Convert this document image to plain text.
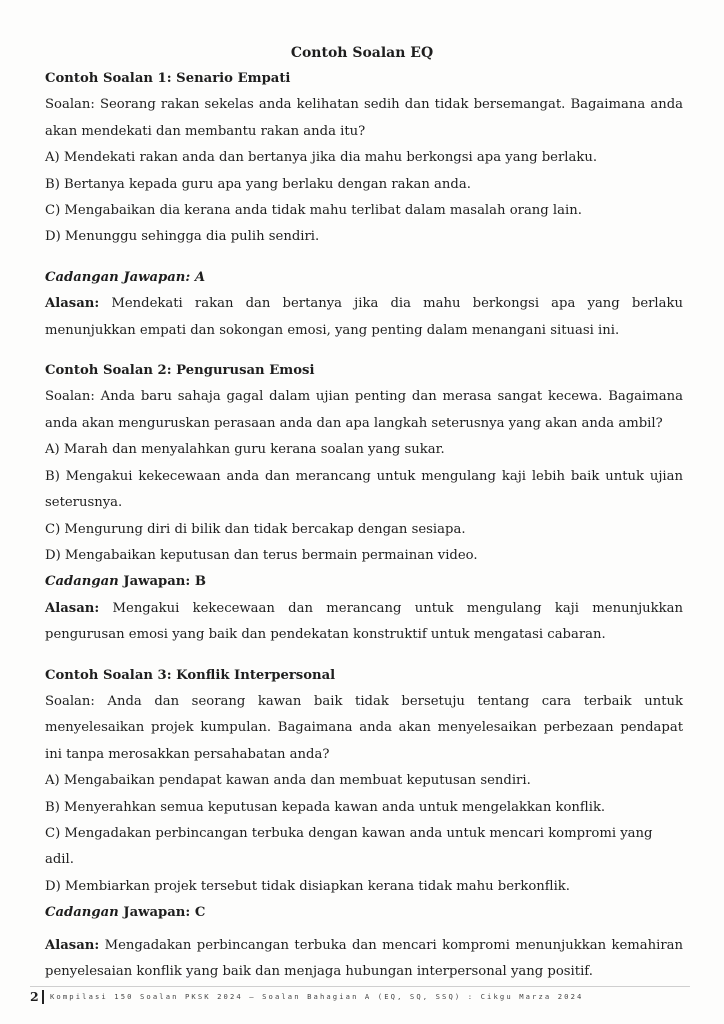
Contoh Soalan EQ
Contoh Soalan 1: Senario Empati
Soalan: Seorang rakan sekelas anda kelihatan sedih dan tidak bersemangat. Bagaimana anda akan mendekati dan membantu rakan anda itu?
A) Mendekati rakan anda dan bertanya jika dia mahu berkongsi apa yang berlaku.
B) Bertanya kepada guru apa yang berlaku dengan rakan anda.
C) Mengabaikan dia kerana anda tidak mahu terlibat dalam masalah orang lain.
D) Menunggu sehingga dia pulih sendiri.
Cadangan Jawapan: A
Alasan: Mendekati rakan dan bertanya jika dia mahu berkongsi apa yang berlaku menunjukkan empati dan sokongan emosi, yang penting dalam menangani situasi ini.
Contoh Soalan 2: Pengurusan Emosi
Soalan: Anda baru sahaja gagal dalam ujian penting dan merasa sangat kecewa. Bagaimana anda akan menguruskan perasaan anda dan apa langkah seterusnya yang akan anda ambil?
A) Marah dan menyalahkan guru kerana soalan yang sukar.
B) Mengakui kekecewaan anda dan merancang untuk mengulang kaji lebih baik untuk ujian seterusnya.
C) Mengurung diri di bilik dan tidak bercakap dengan sesiapa.
D) Mengabaikan keputusan dan terus bermain permainan video.
Cadangan Jawapan: B
Alasan: Mengakui kekecewaan dan merancang untuk mengulang kaji menunjukkan pengurusan emosi yang baik dan pendekatan konstruktif untuk mengatasi cabaran.
Contoh Soalan 3: Konflik Interpersonal
Soalan: Anda dan seorang kawan baik tidak bersetuju tentang cara terbaik untuk menyelesaikan projek kumpulan. Bagaimana anda akan menyelesaikan perbezaan pendapat ini tanpa merosakkan persahabatan anda?
A) Mengabaikan pendapat kawan anda dan membuat keputusan sendiri.
B) Menyerahkan semua keputusan kepada kawan anda untuk mengelakkan konflik.
C) Mengadakan perbincangan terbuka dengan kawan anda untuk mencari kompromi yang adil.
D) Membiarkan projek tersebut tidak disiapkan kerana tidak mahu berkonflik.
Cadangan Jawapan: C
Alasan: Mengadakan perbincangan terbuka dan mencari kompromi menunjukkan kemahiran penyelesaian konflik yang baik dan menjaga hubungan interpersonal yang positif.
2 Kompilasi 150 Soalan PKSK 2024 – Soalan Bahagian A (EQ, SQ, SSQ) : Cikgu Marza 2024
